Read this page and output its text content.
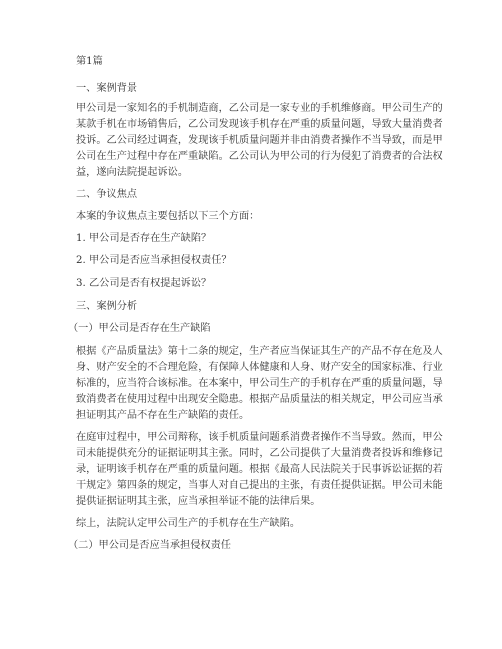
第1篇
一、案例背景
甲公司是一家知名的手机制造商，乙公司是一家专业的手机维修商。甲公司生产的
某款手机在市场销售后，乙公司发现该手机存在严重的质量问题，导致大量消费者
投诉。乙公司经过调查，发现该手机质量问题并非由消费者操作不当导致，而是甲
公司在生产过程中存在严重缺陷。乙公司认为甲公司的行为侵犯了消费者的合法权
益，遂向法院提起诉讼。
二、争议焦点
本案的争议焦点主要包括以下三个方面：
1. 甲公司是否存在生产缺陷？
2. 甲公司是否应当承担侵权责任？
3. 乙公司是否有权提起诉讼？
三、案例分析
（一）甲公司是否存在生产缺陷
根据《产品质量法》第十二条的规定，生产者应当保证其生产的产品不存在危及人
身、财产安全的不合理危险，有保障人体健康和人身、财产安全的国家标准、行业
标准的，应当符合该标准。在本案中，甲公司生产的手机存在严重的质量问题，导
致消费者在使用过程中出现安全隐患。根据产品质量法的相关规定，甲公司应当承
担证明其产品不存在生产缺陷的责任。
在庭审过程中，甲公司辩称，该手机质量问题系消费者操作不当导致。然而，甲公
司未能提供充分的证据证明其主张。同时，乙公司提供了大量消费者投诉和维修记
录，证明该手机存在严重的质量问题。根据《最高人民法院关于民事诉讼证据的若
干规定》第四条的规定，当事人对自己提出的主张，有责任提供证据。甲公司未能
提供证据证明其主张，应当承担举证不能的法律后果。
综上，法院认定甲公司生产的手机存在生产缺陷。
（二）甲公司是否应当承担侵权责任
